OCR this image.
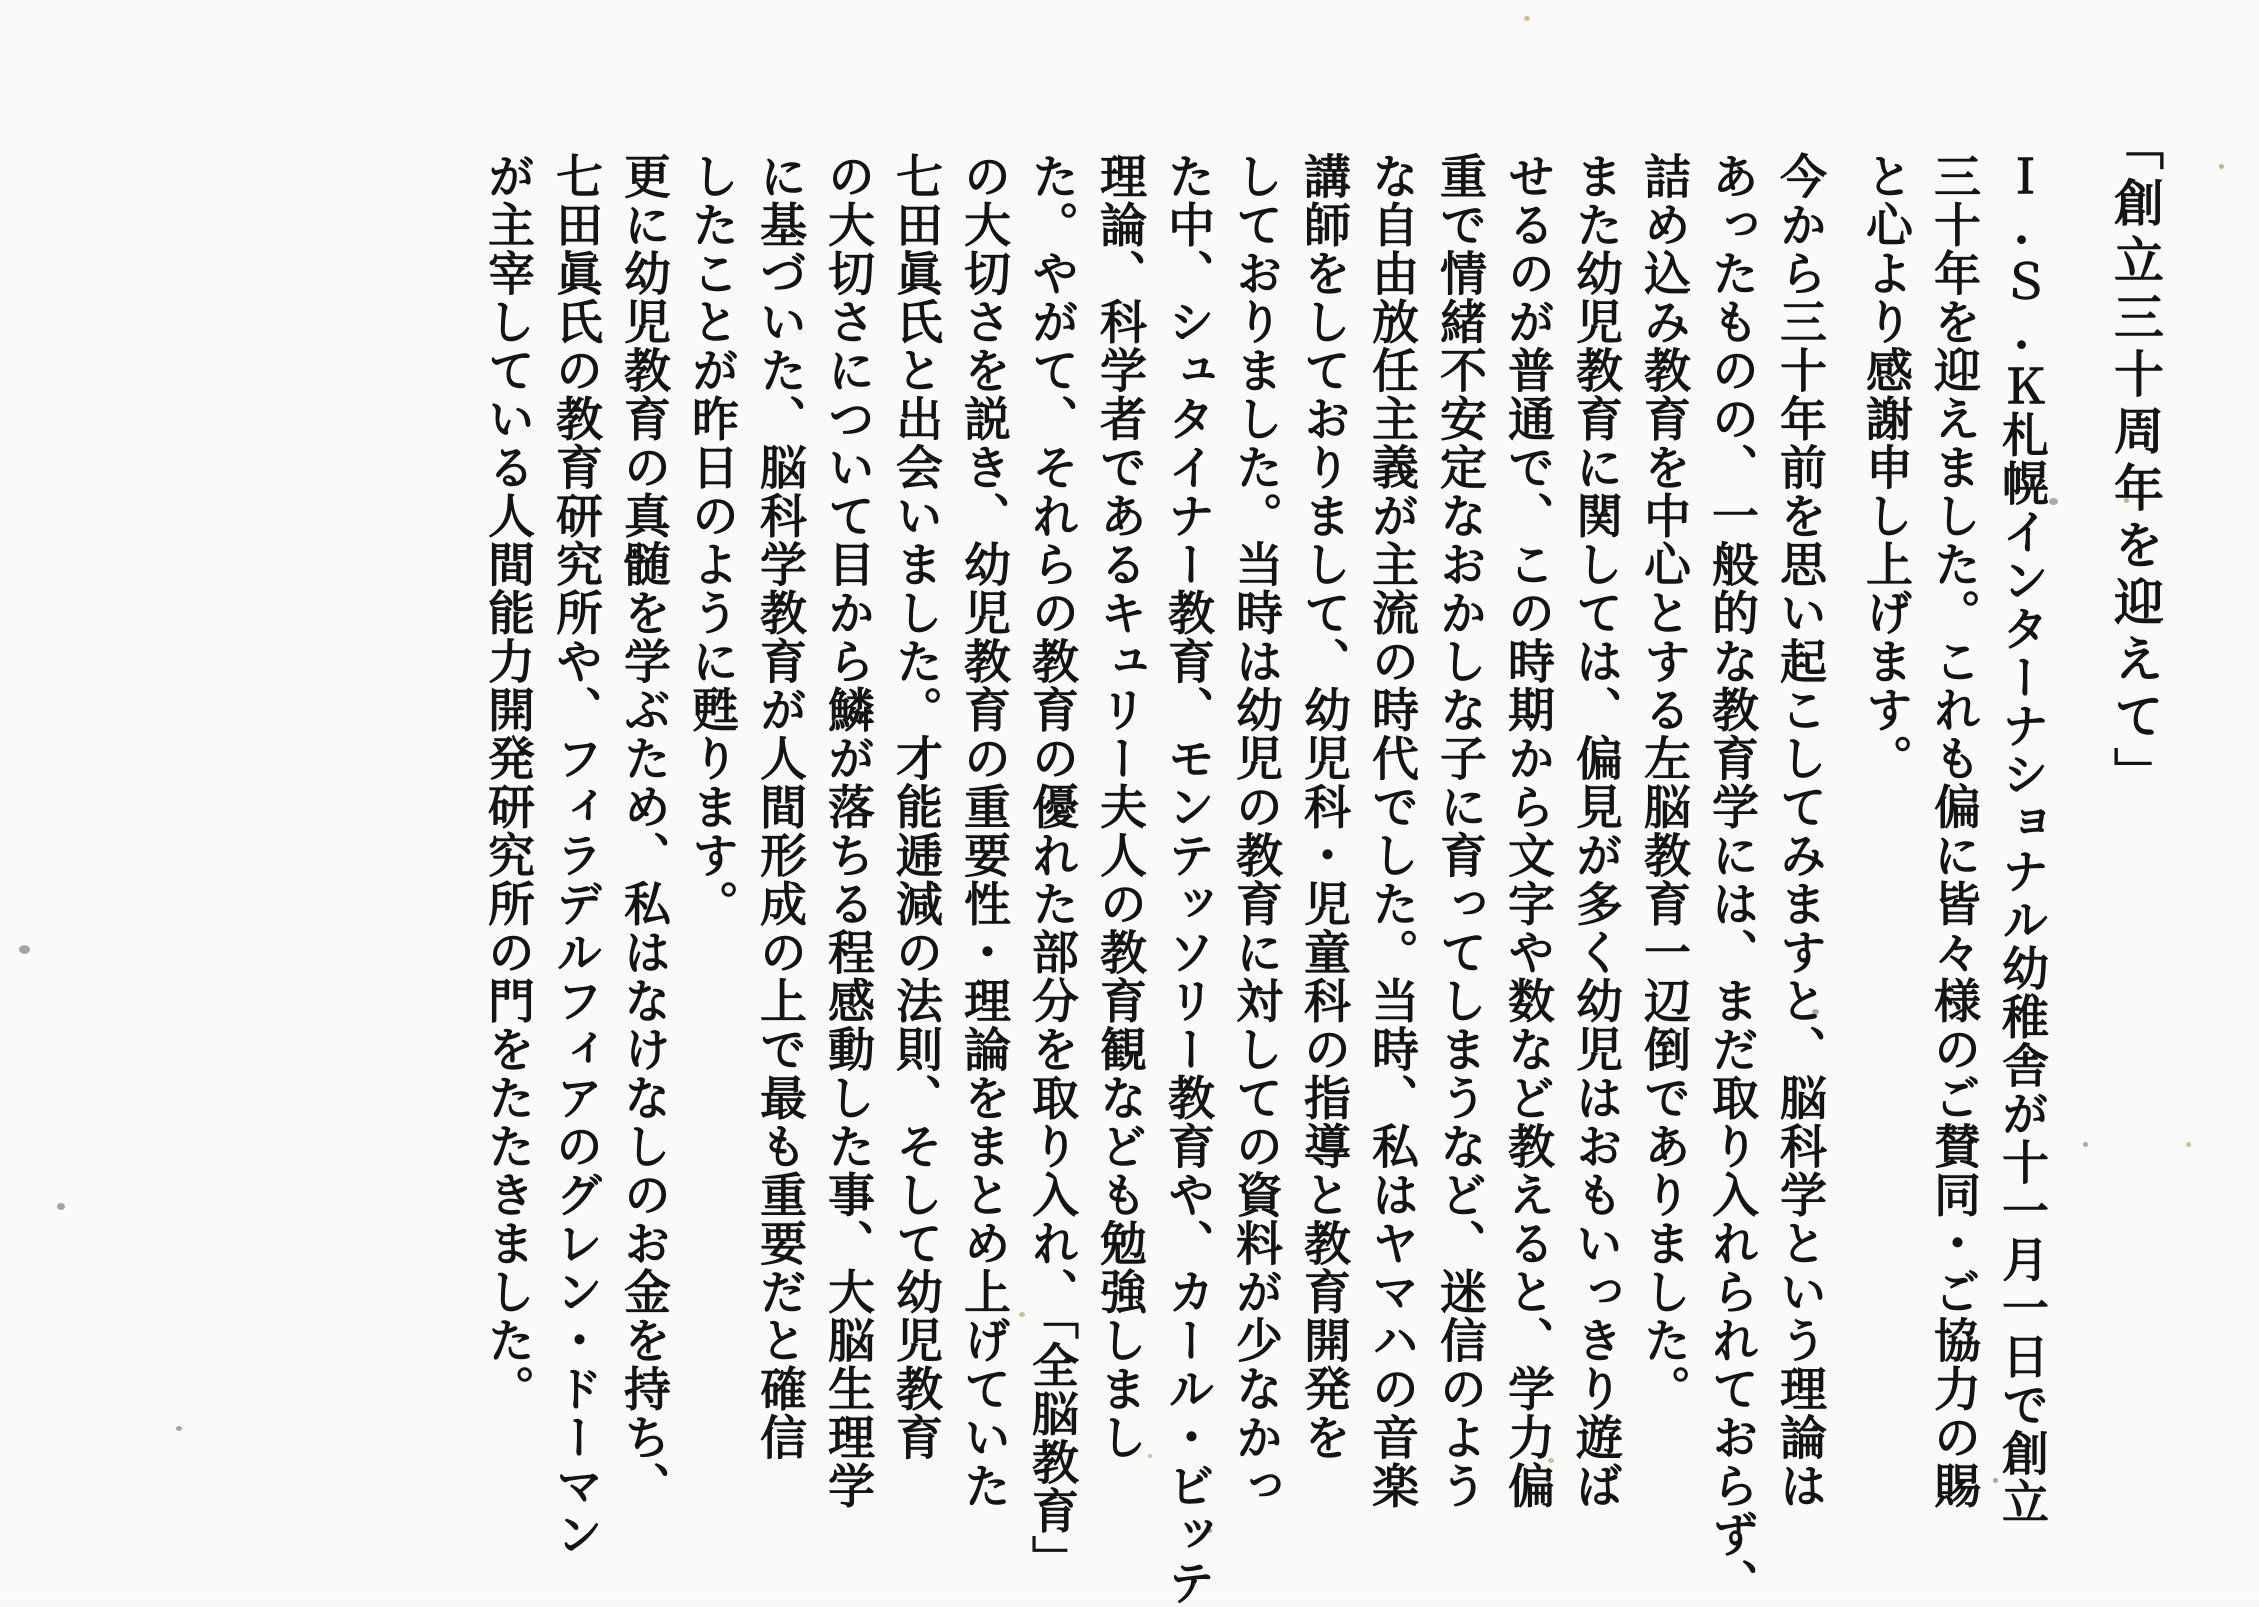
「創立三十周年を迎えて」
Ｉ.Ｓ.Ｋ札幌インターナショナル幼稚舎が十一月一日で創立
三十年を迎えました。これも偏に皆々様のご賛同・ご協力の賜
と心より感謝申し上げます。
今から三十年前を思い起こしてみますと、脳科学という理論は
あったものの、一般的な教育学には、まだ取り入れられておらず、
詰め込み教育を中心とする左脳教育一辺倒でありました。
また幼児教育に関しては、偏見が多く幼児はおもいっきり遊ば
せるのが普通で、この時期から文字や数など教えると、学力偏
重で情緒不安定なおかしな子に育ってしまうなど、迷信のよう
な自由放任主義が主流の時代でした。当時、私はヤマハの音楽
講師をしておりまして、幼児科・児童科の指導と教育開発を
しておりました。当時は幼児の教育に対しての資料が少なかっ
た中、シュタイナー教育、モンテッソリー教育や、カール・ビッテ
理論、科学者であるキュリー夫人の教育観なども勉強しまし
た。やがて、それらの教育の優れた部分を取り入れ、「全脳教育」
の大切さを説き、幼児教育の重要性・理論をまとめ上げていた
七田眞氏と出会いました。才能逓減の法則、そして幼児教育
の大切さについて目から鱗が落ちる程感動した事、大脳生理学
に基づいた、脳科学教育が人間形成の上で最も重要だと確信
したことが昨日のように甦ります。
更に幼児教育の真髄を学ぶため、私はなけなしのお金を持ち、
七田眞氏の教育研究所や、フィラデルフィアのグレン・ドーマン
が主宰している人間能力開発研究所の門をたたきました。
